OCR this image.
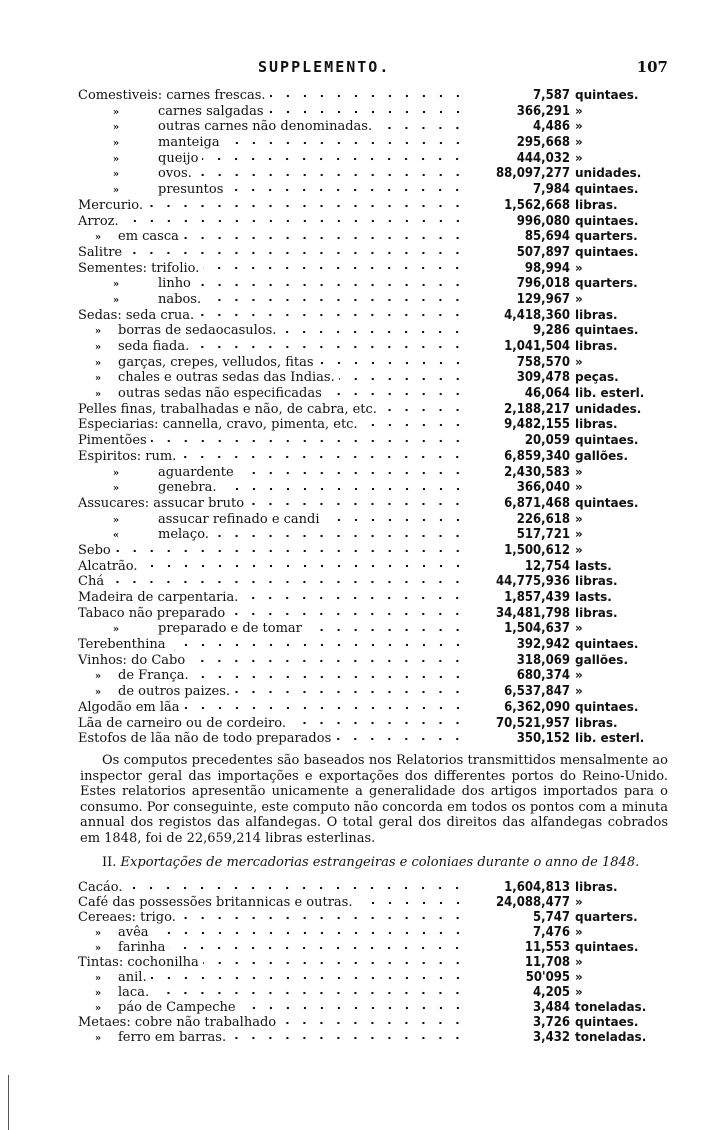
SUPPLEMENTO.	107
Comestiveis: carnes frescas.	7,587 quintaes.
»	carnes salgadas	366,291 »
»	outras carnes não denominadas.	4,486 »
»	manteiga	295,668 »
»	queijo	444,032 »
»	ovos.	88,097,277 unidades.
»	presuntos	7,984 quintaes.
Mercurio.	1,562,668 libras.
Arroz.	996,080 quintaes.
»	em casca	85,694 quarters.
Salitre	507,897 quintaes.
Sementes: trifolio.	98,994 »
»	linho	796,018 quarters.
»	nabos.	129,967 »
Sedas: seda crua.	4,418,360 libras.
»	borras de sedaocasulos.	9,286 quintaes.
»	seda fiada.	1,041,504 libras.
»	garças, crepes, velludos, fitas	758,570 »
»	chales e outras sedas das Indias.	309,478 peças.
»	outras sedas não especificadas	46,064 lib. esterl.
Pelles finas, trabalhadas e não, de cabra, etc.	2,188,217 unidades.
Especiarias: cannella, cravo, pimenta, etc.	9,482,155 libras.
Pimentões	20,059 quintaes.
Espiritos: rum.	6,859,340 gallões.
»	aguardente	2,430,583 »
»	genebra.	366,040 »
Assucares: assucar bruto	6,871,468 quintaes.
»	assucar refinado e candi	226,618 »
«	melaço.	517,721 »
Sebo	1,500,612 »
Alcatrão.	12,754 lasts.
Chá	44,775,936 libras.
Madeira de carpentaria.	1,857,439 lasts.
Tabaco não preparado	34,481,798 libras.
»	preparado e de tomar	1,504,637 »
Terebenthina	392,942 quintaes.
Vinhos: do Cabo	318,069 gallões.
»	de França.	680,374 »
»	de outros paizes.	6,537,847 »
Algodão em lãa	6,362,090 quintaes.
Lãa de carneiro ou de cordeiro.	70,521,957 libras.
Estofos de lãa não de todo preparados	350,152 lib. esterl.

Os computos precedentes são baseados nos Relatorios transmittidos mensalmente ao inspector geral das importações e exportações dos differentes portos do Reino-Unido. Estes relatorios apresentão unicamente a generalidade dos artigos importados para o consumo. Por conseguinte, este computo não concorda em todos os pontos com a minuta annual dos registos das alfandegas. O total geral dos direitos das alfandegas cobrados em 1848, foi de 22,659,214 libras esterlinas.

II. Exportações de mercadorias estrangeiras e coloniaes durante o anno de 1848.
Cacáo.	1,604,813 libras.
Café das possessões britannicas e outras.	24,088,477 »
Cereaes: trigo.	5,747 quarters.
»	avêa	7,476 »
»	farinha	11,553 quintaes.
Tintas: cochonilha	11,708 »
»	anil.	50'095 »
»	laca.	4,205 »
»	páo de Campeche	3,484 toneladas.
Metaes: cobre não trabalhado	3,726 quintaes.
»	ferro em barras.	3,432 toneladas.
